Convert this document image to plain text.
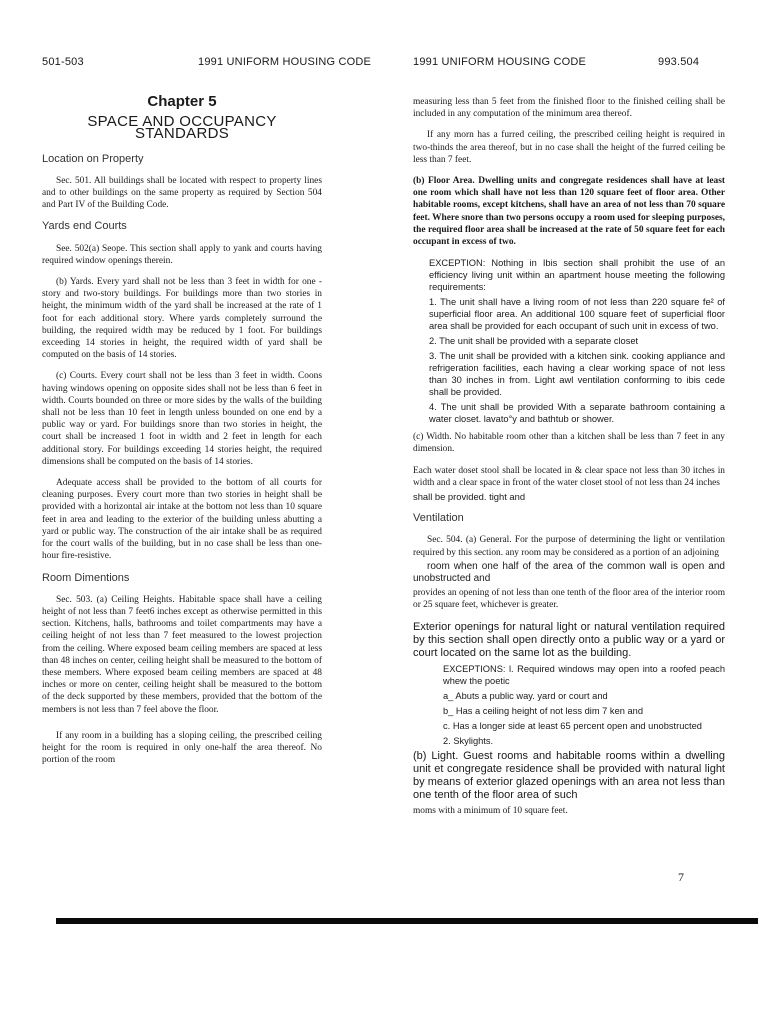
501-503	1991 UNIFORM HOUSING CODE	1991 UNIFORM HOUSING CODE	993.504
Chapter 5
SPACE AND OCCUPANCY STANDARDS
Location on Property

Sec. 501. All buildings shall be located with respect to property lines and to other buildings on the same property as required by Section 504 and Part IV of the Building Code.

Yards end Courts

See. 502(a) Seope. This section shall apply to yank and courts having required window openings therein.

(b) Yards. Every yard shall not be less than 3 feet in width for one -story and two-story buildings. For buildings more than two stories in height, the minimum width of the yard shall be increased at the rate of 1 foot for each additional story. Where yards completely surround the building, the required width may be reduced by 1 foot. For buildings exceeding 14 stories in height, the required width of yard shall be computed on the basis of 14 stories.

(c) Courts. Every court shall not be less than 3 feet in width. Coons having windows opening on opposite sides shall not be less than 6 feet in width. Courts bounded on three or more sides by the walls of the building shall not be less than 10 feet in length unless bounded on one end by a public way or yard. For buildings snore than two stories in height, the court shall be increased 1 foot in width and 2 feet in length for each additional story. For buildings exceeding 14 stories height, the required dimensions shall be computed on the basis of 14 stories.

Adequate access shall be provided to the bottom of all courts for cleaning purposes. Every court more than two stories in height shall be provided with a horizontal air intake at the bottom not less than 10 square feet in area and leading to the exterior of the building unless abutting a yard or public way. The construction of the air intake shall be as required for the court walls of the building, but in no case shall be less than one-hour fire-resistive.

Room Dimentions

Sec. 503. (a) Ceiling Heights. Habitable space shall have a ceiling height of not less than 7 feet6 inches except as otherwise permitted in this section. Kitchens, halls, bathrooms and toilet compartments may have a ceiling height of not less than 7 feet measured to the lowest projection from the ceiling. Where exposed beam ceiling members are spaced at less than 48 inches on center, ceiling height shall be measured to the bottom of these members. Where exposed beam ceiling members are spaced at 48 inches or more on center, ceiling height shall be measured to the bottom of the deck supported by these members, provided that the bottom of the members is not less than 7 feel above the floor.

If any room in a building has a sloping ceiling, the prescribed ceiling height for the room is required in only one-half the area thereof. No portion of the room

measuring less than 5 feet from the finished floor to the finished ceiling shall be included in any computation of the minimum area thereof.

If any morn has a furred ceiling, the prescribed ceiling height is required in two-thinds the area thereof, but in no case shall the height of the furred ceiling be less than 7 feet.

(b) Floor Area. Dwelling units and congregate residences shall have at least one room which shall have not less than 120 square feet of floor area. Other habitable rooms, except kitchens, shall have an area of not less than 70 square feet. Where snore than two persons occupy a room used for sleeping purposes, the required floor area shall be increased at the rate of 50 square feet for each occupant in excess of two.

EXCEPTION: Nothing in Ibis section shall prohibit the use of an efficiency living unit within an apartment house meeting the following requirements:
1. The unit shall have a living room of not less than 220 square fe² of superficial floor area. An additional 100 square feet of superficial floor area shall be provided for each occupant of such unit in excess of two.
2. The unit shall be provided with a separate closet
3. The unit shall be provided with a kitchen sink. cooking appliance and refrigeration facilities, each having a clear working space of not less than 30 inches in from. Light awl ventilation conforming to ibis cede shall be provided.
4. The unit shall be provided With a separate bathroom containing a water closet. lavato°y and bathtub or shower.

(c) Width. No habitable room other than a kitchen shall be less than 7 feet in any dimension.

Each water doset stool shall be located in & clear space not less than 30 itches in width and a clear space in front of the water closet stool of not less than 24 inches

shall be provided. tight and

Ventilation

Sec. 504. (a) General. For the purpose of determining the light or ventilation required by this section. any room may be considered as a portion of an adjoining

room when one half of the area of the common wall is open and unobstructed and

provides an opening of not less than one tenth of the floor area of the interior room or 25 square feet, whichever is greater.

Exterior openings for natural light or natural ventilation required by this section shall open directly onto a public way or a yard or court located on the same lot as the building.
EXCEPTIONS: l. Required windows may open into a roofed peach whew the poetic
a_ Abuts a public way. yard or court and
b_ Has a ceiling height of not less dim 7 ken and
c. Has a longer side at least 65 percent open and unobstructed
2. Skylights.
(b) Light. Guest rooms and habitable rooms within a dwelling unit et congregate residence shall be provided with natural light by means of exterior glazed openings with an area not less than one tenth of the floor area of such

moms with a minimum of 10 square feet.

7
